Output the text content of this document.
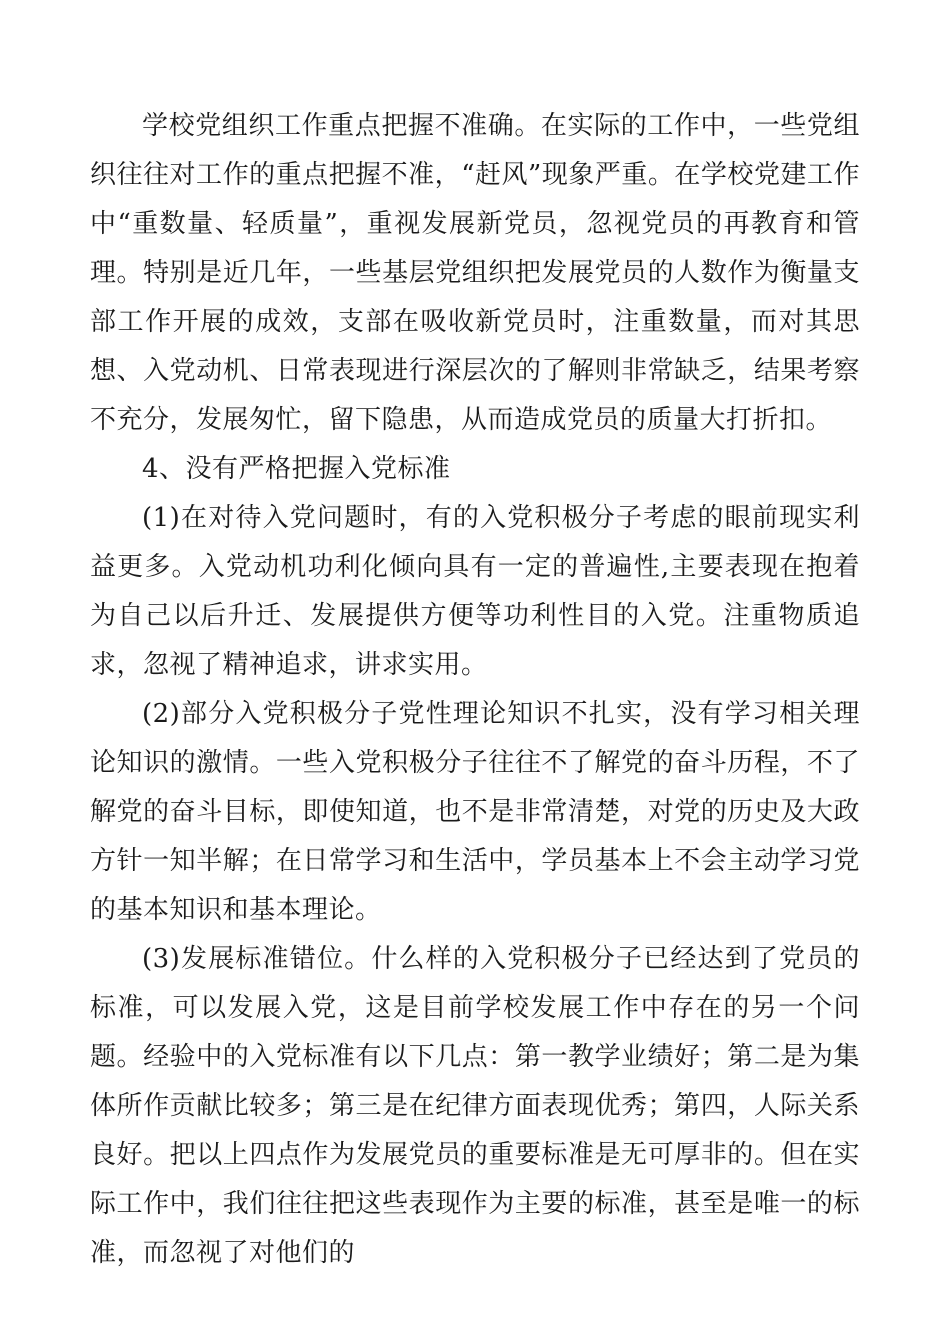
学校党组织工作重点把握不准确。在实际的工作中，一些党组织往往对工作的重点把握不准，“赶风”现象严重。在学校党建工作中“重数量、轻质量”，重视发展新党员，忽视党员的再教育和管理。特别是近几年，一些基层党组织把发展党员的人数作为衡量支部工作开展的成效，支部在吸收新党员时，注重数量，而对其思想、入党动机、日常表现进行深层次的了解则非常缺乏，结果考察不充分，发展匆忙，留下隐患，从而造成党员的质量大打折扣。

4、没有严格把握入党标准

(1)在对待入党问题时，有的入党积极分子考虑的眼前现实利益更多。入党动机功利化倾向具有一定的普遍性,主要表现在抱着为自己以后升迁、发展提供方便等功利性目的入党。注重物质追求，忽视了精神追求，讲求实用。

(2)部分入党积极分子党性理论知识不扎实，没有学习相关理论知识的激情。一些入党积极分子往往不了解党的奋斗历程，不了解党的奋斗目标，即使知道，也不是非常清楚，对党的历史及大政方针一知半解；在日常学习和生活中，学员基本上不会主动学习党的基本知识和基本理论。

(3)发展标准错位。什么样的入党积极分子已经达到了党员的标准，可以发展入党，这是目前学校发展工作中存在的另一个问题。经验中的入党标准有以下几点：第一教学业绩好；第二是为集体所作贡献比较多；第三是在纪律方面表现优秀；第四，人际关系良好。把以上四点作为发展党员的重要标准是无可厚非的。但在实际工作中，我们往往把这些表现作为主要的标准，甚至是唯一的标准，而忽视了对他们的
